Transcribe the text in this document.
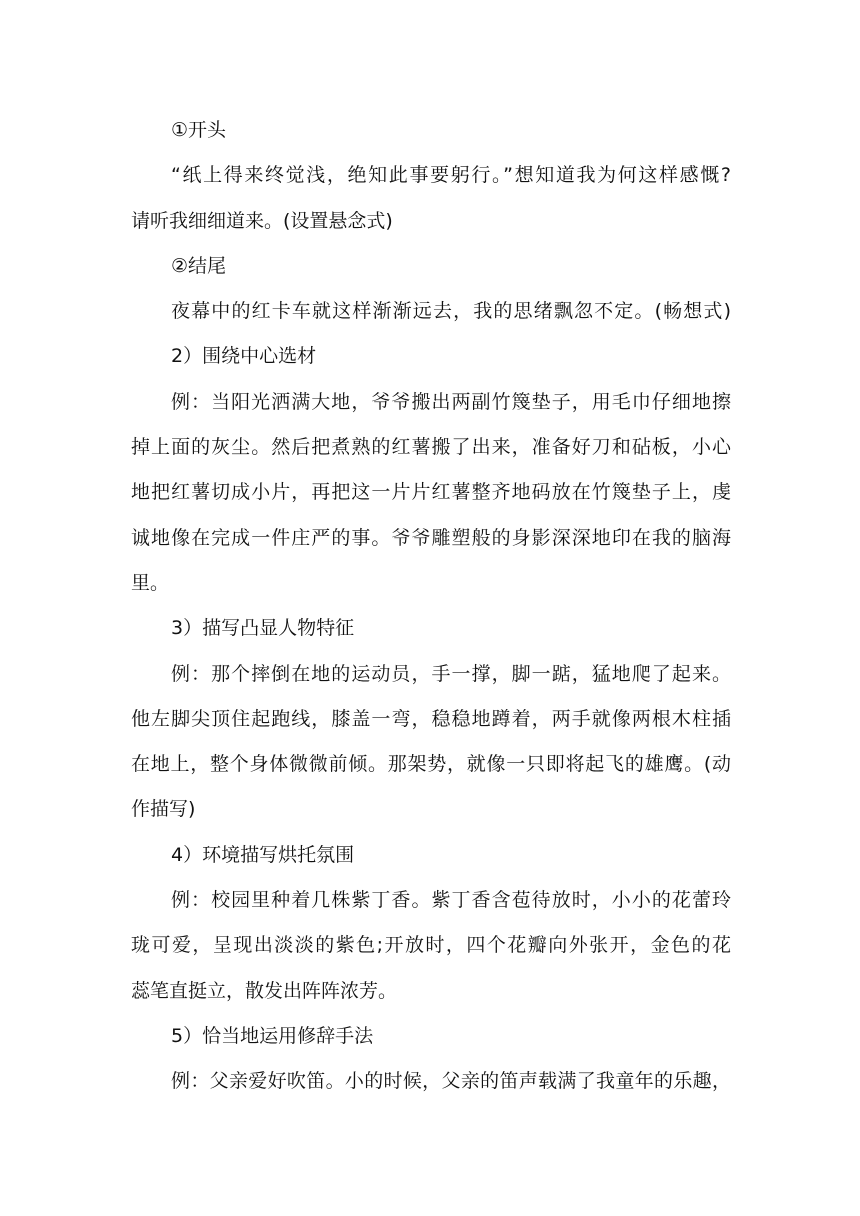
①开头
“纸上得来终觉浅，绝知此事要躬行。”想知道我为何这样感慨?
请听我细细道来。(设置悬念式)
②结尾
夜幕中的红卡车就这样渐渐远去，我的思绪飘忽不定。(畅想式)
2）围绕中心选材
例：当阳光洒满大地，爷爷搬出两副竹篾垫子，用毛巾仔细地擦
掉上面的灰尘。然后把煮熟的红薯搬了出来，准备好刀和砧板，小心
地把红薯切成小片，再把这一片片红薯整齐地码放在竹篾垫子上，虔
诚地像在完成一件庄严的事。爷爷雕塑般的身影深深地印在我的脑海
里。
3）描写凸显人物特征
例：那个摔倒在地的运动员，手一撑，脚一踮，猛地爬了起来。
他左脚尖顶住起跑线，膝盖一弯，稳稳地蹲着，两手就像两根木柱插
在地上，整个身体微微前倾。那架势，就像一只即将起飞的雄鹰。(动
作描写)
4）环境描写烘托氛围
例：校园里种着几株紫丁香。紫丁香含苞待放时，小小的花蕾玲
珑可爱，呈现出淡淡的紫色;开放时，四个花瓣向外张开，金色的花
蕊笔直挺立，散发出阵阵浓芳。
5）恰当地运用修辞手法
例：父亲爱好吹笛。小的时候，父亲的笛声载满了我童年的乐趣，
